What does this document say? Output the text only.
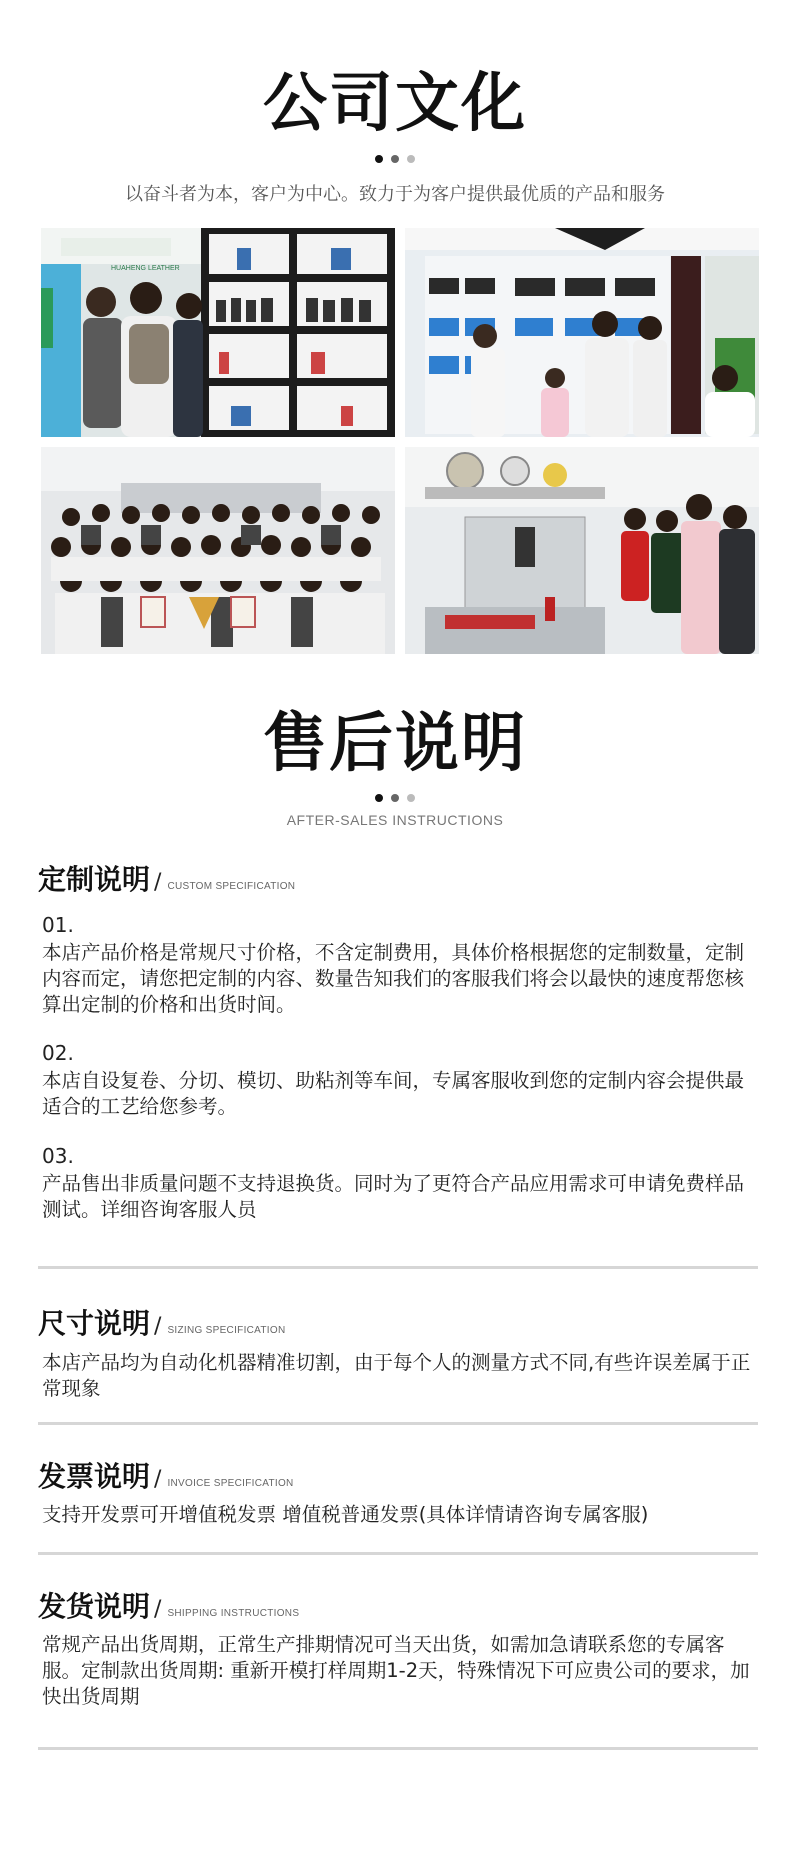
公司文化
以奋斗者为本，客户为中心。致力于为客户提供最优质的产品和服务
HUAHENG LEATHER
售后说明
AFTER-SALES INSTRUCTIONS
定制说明 / CUSTOM SPECIFICATION
01.
本店产品价格是常规尺寸价格，不含定制费用，具体价格根据您的定制数量，定制内容而定，请您把定制的内容、数量告知我们的客服我们将会以最快的速度帮您核算出定制的价格和出货时间。
02.
本店自设复卷、分切、模切、助粘剂等车间，专属客服收到您的定制内容会提供最适合的工艺给您参考。
03.
产品售出非质量问题不支持退换货。同时为了更符合产品应用需求可申请免费样品测试。详细咨询客服人员
尺寸说明 / SIZING SPECIFICATION
本店产品均为自动化机器精准切割，由于每个人的测量方式不同,有些许误差属于正常现象
发票说明 / INVOICE SPECIFICATION
支持开发票可开增值税发票 增值税普通发票(具体详情请咨询专属客服)
发货说明 / SHIPPING INSTRUCTIONS
常规产品出货周期，正常生产排期情况可当天出货，如需加急请联系您的专属客服。定制款出货周期: 重新开模打样周期1-2天，特殊情况下可应贵公司的要求，加快出货周期
